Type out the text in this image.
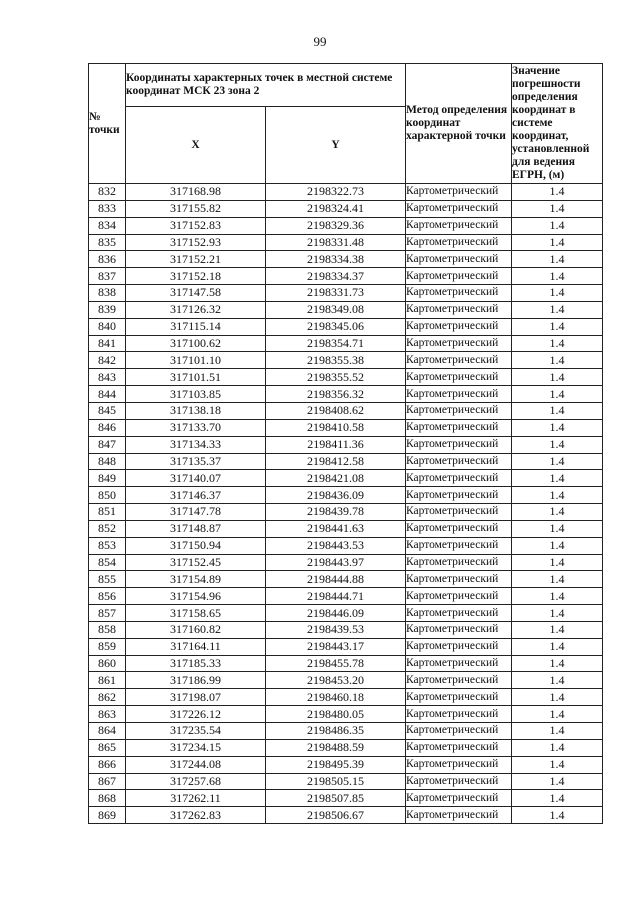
99
№ точки	Координаты характерных точек в местной системе координат МСК 23 зона 2		Метод определения координат характерной точки	Значение погрешности определения координат в системе координат, установленной для ведения ЕГРН, (м)
	X	Y		
832	317168.98	2198322.73	Картометрический	1.4
833	317155.82	2198324.41	Картометрический	1.4
834	317152.83	2198329.36	Картометрический	1.4
835	317152.93	2198331.48	Картометрический	1.4
836	317152.21	2198334.38	Картометрический	1.4
837	317152.18	2198334.37	Картометрический	1.4
838	317147.58	2198331.73	Картометрический	1.4
839	317126.32	2198349.08	Картометрический	1.4
840	317115.14	2198345.06	Картометрический	1.4
841	317100.62	2198354.71	Картометрический	1.4
842	317101.10	2198355.38	Картометрический	1.4
843	317101.51	2198355.52	Картометрический	1.4
844	317103.85	2198356.32	Картометрический	1.4
845	317138.18	2198408.62	Картометрический	1.4
846	317133.70	2198410.58	Картометрический	1.4
847	317134.33	2198411.36	Картометрический	1.4
848	317135.37	2198412.58	Картометрический	1.4
849	317140.07	2198421.08	Картометрический	1.4
850	317146.37	2198436.09	Картометрический	1.4
851	317147.78	2198439.78	Картометрический	1.4
852	317148.87	2198441.63	Картометрический	1.4
853	317150.94	2198443.53	Картометрический	1.4
854	317152.45	2198443.97	Картометрический	1.4
855	317154.89	2198444.88	Картометрический	1.4
856	317154.96	2198444.71	Картометрический	1.4
857	317158.65	2198446.09	Картометрический	1.4
858	317160.82	2198439.53	Картометрический	1.4
859	317164.11	2198443.17	Картометрический	1.4
860	317185.33	2198455.78	Картометрический	1.4
861	317186.99	2198453.20	Картометрический	1.4
862	317198.07	2198460.18	Картометрический	1.4
863	317226.12	2198480.05	Картометрический	1.4
864	317235.54	2198486.35	Картометрический	1.4
865	317234.15	2198488.59	Картометрический	1.4
866	317244.08	2198495.39	Картометрический	1.4
867	317257.68	2198505.15	Картометрический	1.4
868	317262.11	2198507.85	Картометрический	1.4
869	317262.83	2198506.67	Картометрический	1.4
